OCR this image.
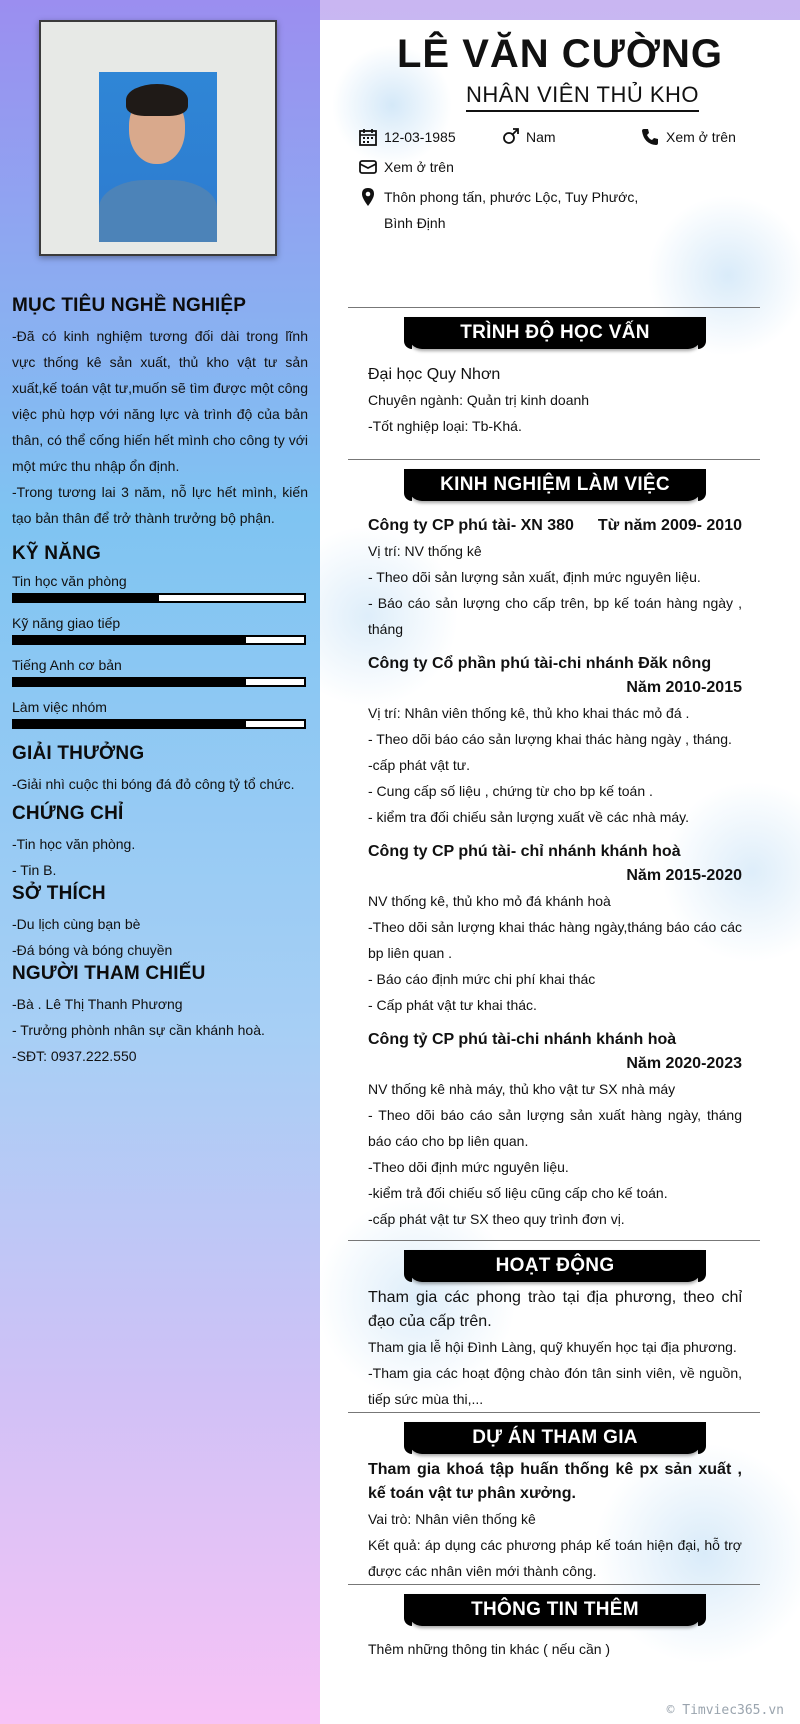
MỤC TIÊU NGHỀ NGHIỆP
-Đã có kinh nghiệm tương đối dài trong lĩnh vực thống kê sản xuất, thủ kho vật tư sản xuất,kế toán vật tư,muốn sẽ tìm được một công việc phù hợp với năng lực và trình độ của bản thân, có thể cống hiến hết mình cho công ty với một mức thu nhập ổn định.
-Trong tương lai 3 năm, nỗ lực hết mình, kiến tạo bản thân để trở thành trưởng bộ phận.
KỸ NĂNG
Tin học văn phòng
Kỹ năng giao tiếp
Tiếng Anh cơ bản
Làm việc nhóm
GIẢI THƯỞNG
-Giải nhì cuộc thi bóng đá đỏ công tỷ tổ chức.
CHỨNG CHỈ
-Tin học văn phòng.
- Tin B.
SỞ THÍCH
-Du lịch cùng bạn bè
-Đá bóng và bóng chuyền
NGƯỜI THAM CHIẾU
-Bà . Lê Thị Thanh Phương
- Trưởng phònh nhân sự cần khánh hoà.
-SĐT: 0937.222.550
LÊ VĂN CƯỜNG
NHÂN VIÊN THỦ KHO
12-03-1985	Nam	Xem ở trên
Xem ở trên
Thôn phong tấn, phước Lộc, Tuy Phước,
Bình Định
TRÌNH ĐỘ HỌC VẤN
Đại học Quy Nhơn
Chuyên ngành: Quản trị kinh doanh
-Tốt nghiệp loại: Tb-Khá.
KINH NGHIỆM LÀM VIỆC
Công ty CP phú tài- XN 380 Từ năm 2009- 2010
Vị trí: NV thống kê
- Theo dõi sản lượng sản xuất, định mức nguyên liệu.
- Báo cáo sản lượng cho cấp trên, bp kế toán hàng ngày , tháng
Công ty Cổ phần phú tài-chi nhánh Đăk nông
Năm 2010-2015
Vị trí: Nhân viên thống kê, thủ kho khai thác mỏ đá .
- Theo dõi báo cáo sản lượng khai thác hàng ngày , tháng.
-cấp phát vật tư.
- Cung cấp số liệu , chứng từ cho bp kế toán .
- kiểm tra đối chiếu sản lượng xuất về các nhà máy.
Công ty CP phú tài- chỉ nhánh khánh hoà
Năm 2015-2020
NV thống kê, thủ kho mỏ đá khánh hoà
-Theo dõi sản lượng khai thác hàng ngày,tháng báo cáo các bp liên quan .
- Báo cáo định mức chi phí khai thác
- Cấp phát vật tư khai thác.
Công tỷ CP phú tài-chi nhánh khánh hoà
Năm 2020-2023
NV thống kê nhà máy, thủ kho vật tư SX nhà máy
- Theo dõi báo cáo sản lượng sản xuất hàng ngày, tháng báo cáo cho bp liên quan.
-Theo dõi định mức nguyên liệu.
-kiểm trả đối chiếu số liệu cũng cấp cho kế toán.
-cấp phát vật tư SX theo quy trình đơn vị.
HOẠT ĐỘNG
Tham gia các phong trào tại địa phương, theo chỉ đạo của cấp trên.
Tham gia lễ hội Đình Làng, quỹ khuyến học tại địa phương.
-Tham gia các hoạt động chào đón tân sinh viên, về nguồn, tiếp sức mùa thi,...
DỰ ÁN THAM GIA
Tham gia khoá tập huấn thống kê px sản xuất , kế toán vật tư phân xưởng.
Vai trò: Nhân viên thống kê
Kết quả: áp dụng các phương pháp kế toán hiện đại, hỗ trợ được các nhân viên mới thành công.
THÔNG TIN THÊM
Thêm những thông tin khác ( nếu cần )
© Timviec365.vn
